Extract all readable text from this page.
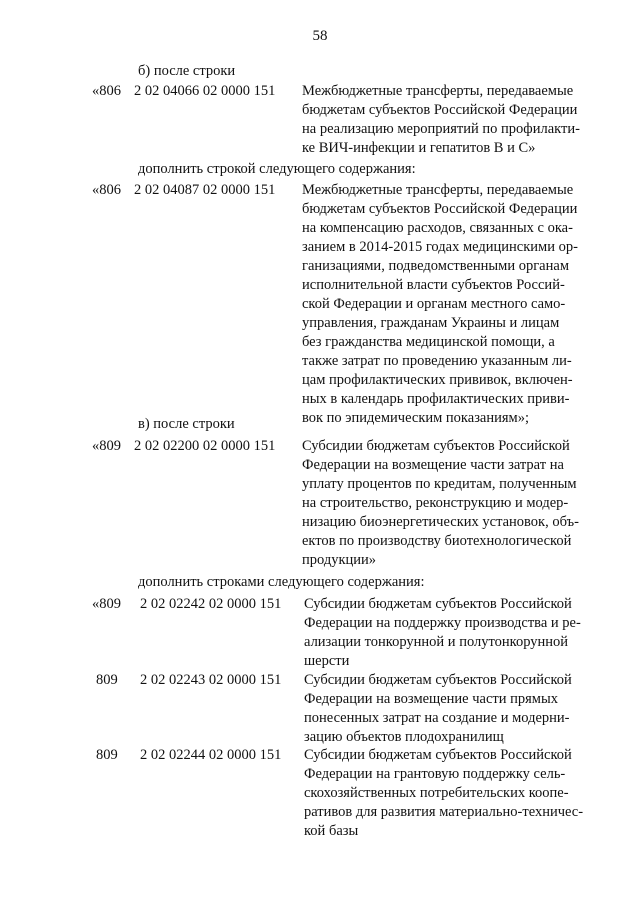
58
б) после строки
«806 2 02 04066 02 0000 151 Межбюджетные трансферты, передаваемые
бюджетам субъектов Российской Федерации
на реализацию мероприятий по профилакти-
ке ВИЧ-инфекции и гепатитов В и С»
дополнить строкой следующего содержания:
«806 2 02 04087 02 0000 151 Межбюджетные трансферты, передаваемые
бюджетам субъектов Российской Федерации
на компенсацию расходов, связанных с ока-
занием в 2014-2015 годах медицинскими ор-
ганизациями, подведомственными органам
исполнительной власти субъектов Россий-
ской Федерации и органам местного само-
управления, гражданам Украины и лицам
без гражданства медицинской помощи, а
также затрат по проведению указанным ли-
цам профилактических прививок, включен-
ных в календарь профилактических приви-
вок по эпидемическим показаниям»;
в) после строки
«809 2 02 02200 02 0000 151 Субсидии бюджетам субъектов Российской
Федерации на возмещение части затрат на
уплату процентов по кредитам, полученным
на строительство, реконструкцию и модер-
низацию биоэнергетических установок, объ-
ектов по производству биотехнологической
продукции»
дополнить строками следующего содержания:
«809 2 02 02242 02 0000 151 Субсидии бюджетам субъектов Российской
Федерации на поддержку производства и ре-
ализации тонкорунной и полутонкорунной
шерсти
809 2 02 02243 02 0000 151 Субсидии бюджетам субъектов Российской
Федерации на возмещение части прямых
понесенных затрат на создание и модерни-
зацию объектов плодохранилищ
809 2 02 02244 02 0000 151 Субсидии бюджетам субъектов Российской
Федерации на грантовую поддержку сель-
скохозяйственных потребительских коопе-
ративов для развития материально-техничес-
кой базы
